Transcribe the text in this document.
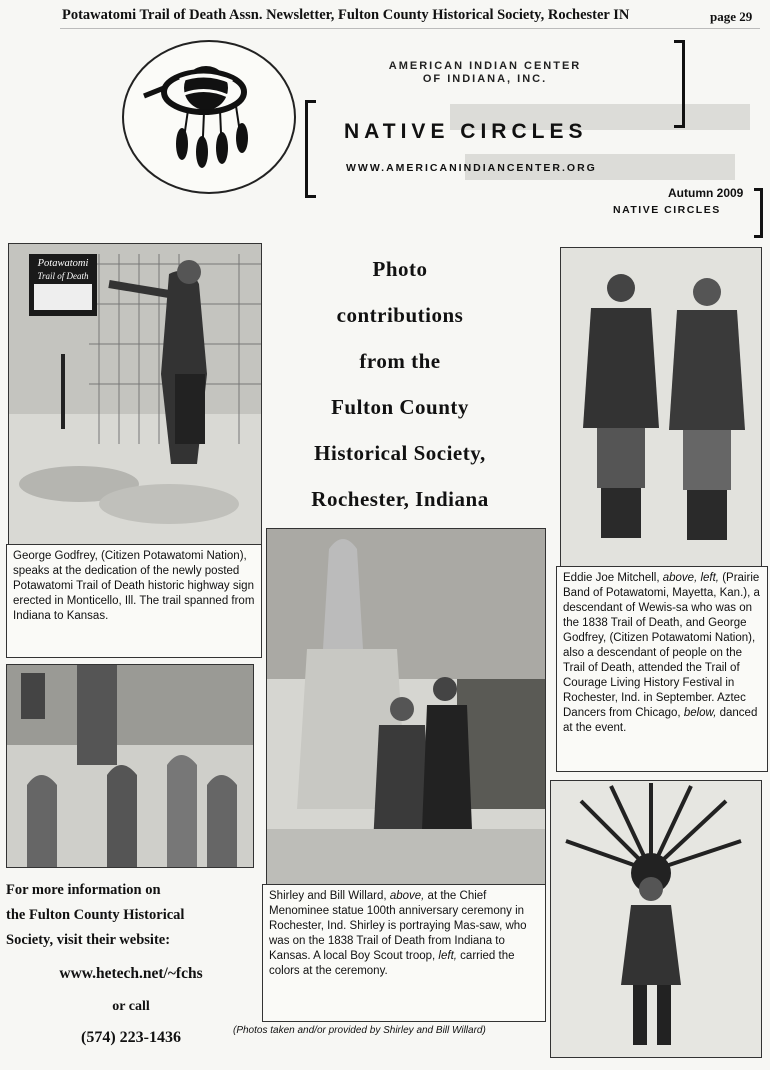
Potawatomi Trail of Death Assn. Newsletter, Fulton County Historical Society, Rochester IN	page 29
AMERICAN INDIAN CENTER
OF INDIANA, INC.
NATIVE CIRCLES
WWW.AMERICANINDIANCENTER.ORG
Autumn 2009
NATIVE CIRCLES
Potawatomi
Trail of Death
George Godfrey, (Citizen Potawatomi Nation), speaks at the dedication of the newly posted Potawatomi Trail of Death historic highway sign erected in Monticello, Ill. The trail spanned from Indiana to Kansas.
Photo
contributions
from the
Fulton County
Historical Society,
Rochester, Indiana
Eddie Joe Mitchell, above, left, (Prairie Band of Potawatomi, Mayetta, Kan.), a descendant of Wewis-sa who was on the 1838 Trail of Death, and George Godfrey, (Citizen Potawatomi Nation), also a descendant of people on the Trail of Death, attended the Trail of Courage Living History Festival in Rochester, Ind. in September. Aztec Dancers from Chicago, below, danced at the event.
Shirley and Bill Willard, above, at the Chief Menominee statue 100th anniversary ceremony in Rochester, Ind. Shirley is portraying Mas-saw, who was on the 1838 Trail of Death from Indiana to Kansas. A local Boy Scout troop, left, carried the colors at the ceremony.
For more information on
the Fulton County Historical
Society, visit their website:
www.hetech.net/~fchs
or call
(574) 223-1436	(Photos taken and/or provided by Shirley and Bill Willard)
